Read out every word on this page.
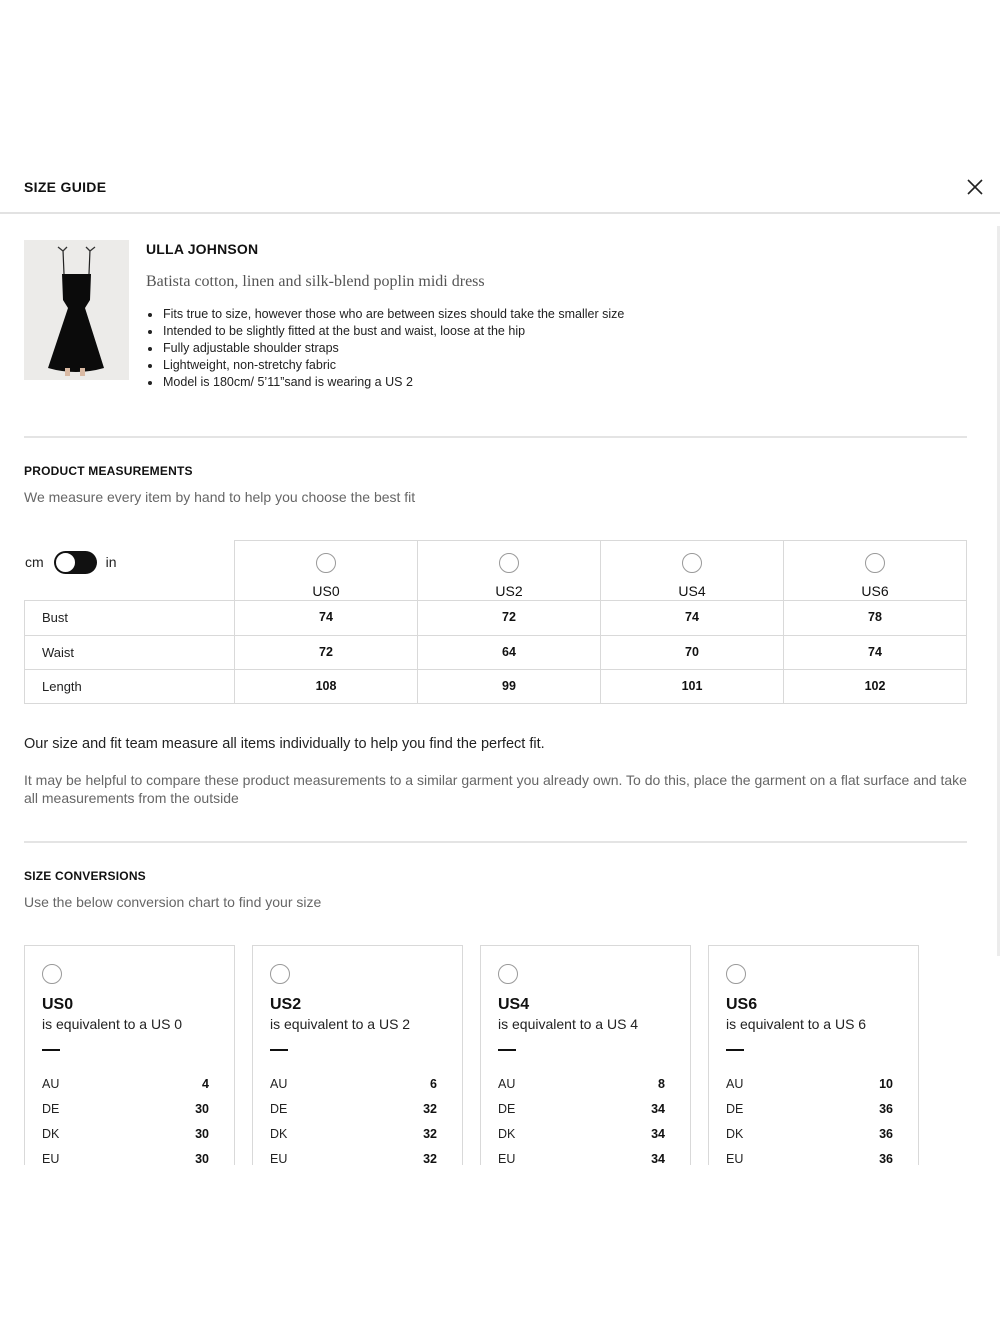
SIZE GUIDE
ULLA JOHNSON
Batista cotton, linen and silk-blend poplin midi dress
Fits true to size, however those who are between sizes should take the smaller size
Intended to be slightly fitted at the bust and waist, loose at the hip
Fully adjustable shoulder straps
Lightweight, non-stretchy fabric
Model is 180cm/ 5’11”sand is wearing a US 2
PRODUCT MEASUREMENTS
We measure every item by hand to help you choose the best fit
US0	US2	US4	US6
Bust	74	72	74	78
Waist	72	64	70	74
Length	108	99	101	102
cm	in
Our size and fit team measure all items individually to help you find the perfect fit.
It may be helpful to compare these product measurements to a similar garment you already own. To do this, place the garment on a flat surface and take all measurements from the outside
SIZE CONVERSIONS
Use the below conversion chart to find your size
US0
is equivalent to a US 0
AU	4
DE	30
DK	30
EU	30
US2
is equivalent to a US 2
AU	6
DE	32
DK	32
EU	32
US4
is equivalent to a US 4
AU	8
DE	34
DK	34
EU	34
US6
is equivalent to a US 6
AU	10
DE	36
DK	36
EU	36
